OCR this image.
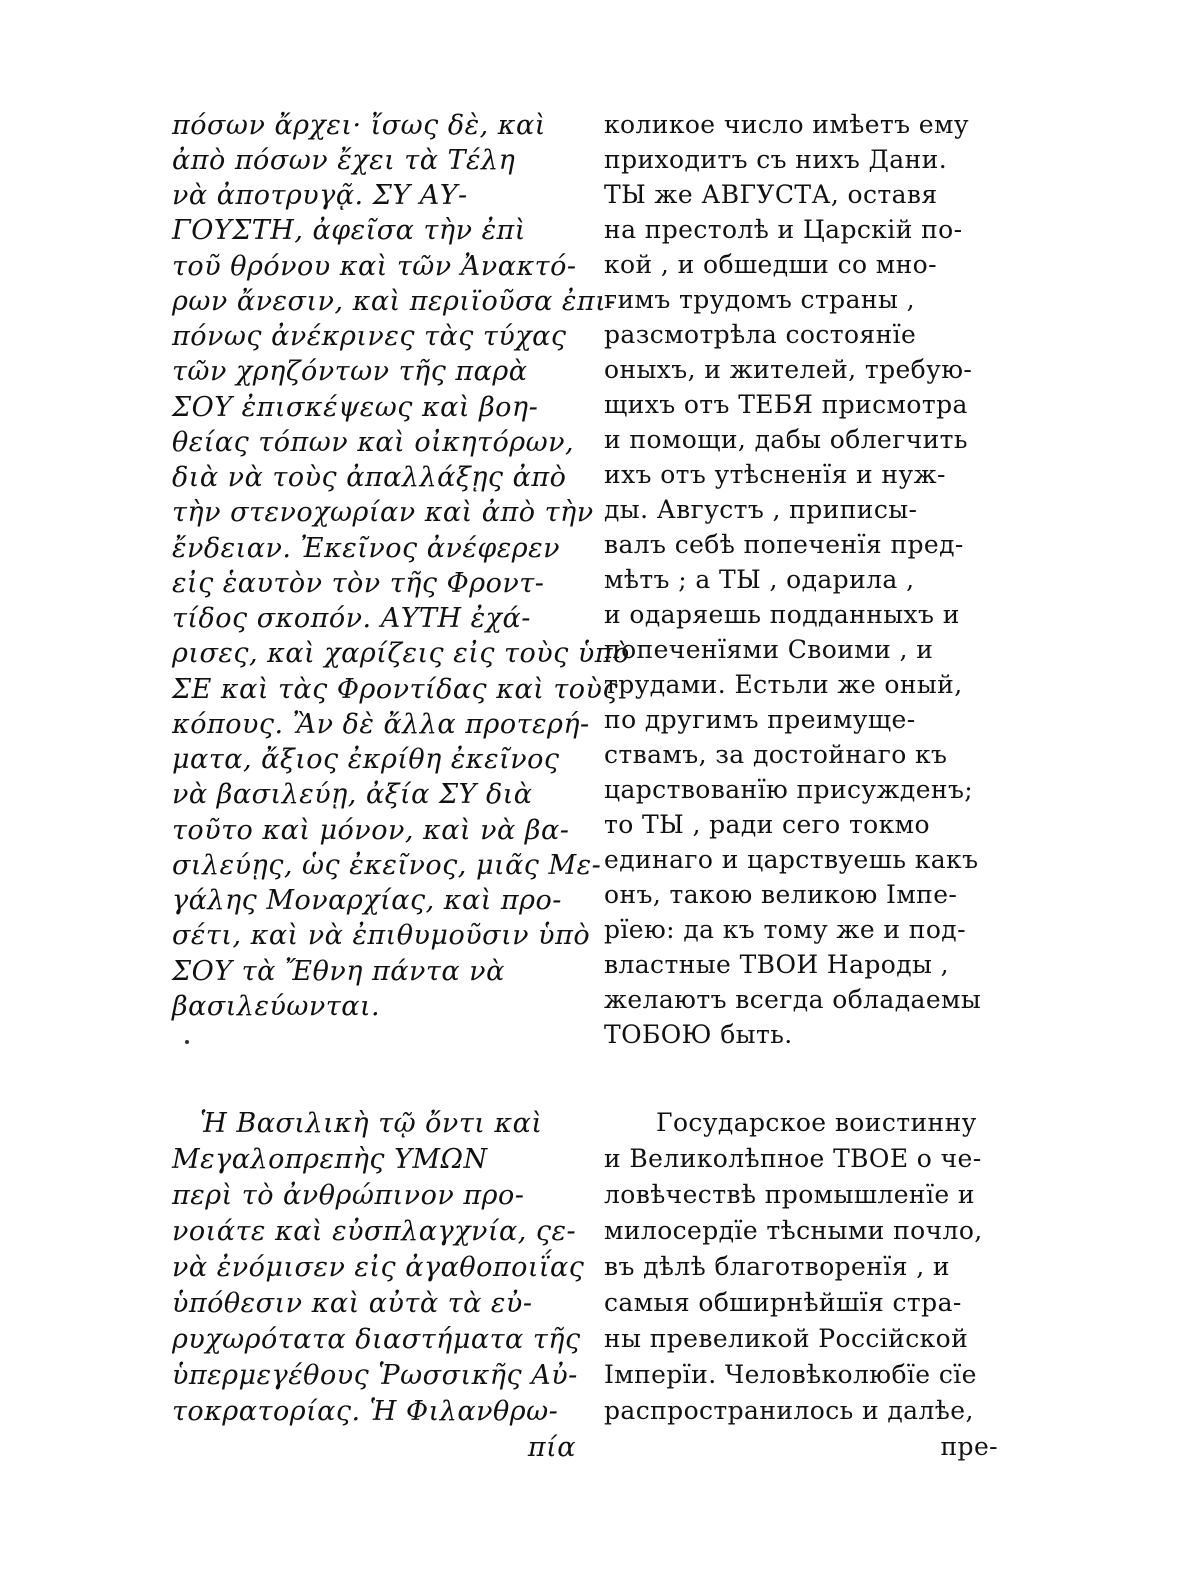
πόσων ἄρχει· ἴσως δὲ, καὶ
ἀπὸ πόσων ἔχει τὰ Τέλη
νὰ ἀποτρυγᾷ. ΣΥ ΑΥ-
ΓΟΥΣΤΗ, ἀφεῖσα τὴν ἐπὶ
τοῦ θρόνου καὶ τῶν Ἀνακτό-
ρων ἄνεσιν, καὶ περιϊοῦσα ἐπι-
πόνως ἀνέκρινες τὰς τύχας
τῶν χρηζόντων τῆς παρὰ
ΣΟΥ ἐπισκέψεως καὶ βοη-
θείας τόπων καὶ οἰκητόρων,
διὰ νὰ τοὺς ἀπαλλάξῃς ἀπὸ
τὴν στενοχωρίαν καὶ ἀπὸ τὴν
ἔνδειαν. Ἐκεῖνος ἀνέφερεν
εἰς ἑαυτὸν τὸν τῆς Φροντ-
τίδος σκοπόν. ΑΥΤΗ ἐχά-
ρισες, καὶ χαρίζεις εἰς τοὺς ὑπὸ
ΣΕ καὶ τὰς Φροντίδας καὶ τοὺς
κόπους. Ἂν δὲ ἄλλα προτερή-
ματα, ἄξιος ἐκρίθη ἐκεῖνος
νὰ βασιλεύῃ, ἀξία ΣΥ διὰ
τοῦτο καὶ μόνον, καὶ νὰ βα-
σιλεύῃς, ὡς ἐκεῖνος, μιᾶς Με-
γάλης Μοναρχίας, καὶ προ-
σέτι, καὶ νὰ ἐπιθυμοῦσιν ὑπὸ
ΣΟΥ τὰ Ἔθνη πάντα νὰ
βασιλεύωνται.
коликое число имѣетъ ему
приходитъ съ нихъ Дани.
ТЫ же АВГУСТА, оставя
на престолѣ и Царскій по-
кой , и обшедши со мно-
гимъ трудомъ страны ,
разсмотрѣла состоянїе
оныхъ, и жителей, требую-
щихъ отъ ТЕБЯ присмотра
и помощи, дабы облегчить
ихъ отъ утѣсненїя и нуж-
ды. Августъ , приписы-
валъ себѣ попеченїя пред-
мѣтъ ; а ТЫ , одарила ,
и одаряешь подданныхъ и
попеченїями Своими , и
трудами. Естьли же оный,
по другимъ преимуще-
ствамъ, за достойнаго къ
царствованїю присужденъ;
то ТЫ , ради сего токмо
единаго и царствуешь какъ
онъ, такою великою Імпе-
рїею: да къ тому же и под-
властные ТВОИ Народы ,
желаютъ всегда обладаемы
ТОБОЮ быть.
Ἡ Βασιλικὴ τῷ ὄντι καὶ
Μεγαλοπρεπὴς ΥΜΩΝ
περὶ τὸ ἀνθρώπινον προ-
νοιάτε καὶ εὐσπλαγχνία, ςε-
νὰ ἐνόμισεν εἰς ἀγαθοποιΐας
ὑπόθεσιν καὶ αὐτὰ τὰ εὐ-
ρυχωρότατα διαστήματα τῆς
ὑπερμεγέθους Ῥωσσικῆς Αὐ-
τοκρατορίας. Ἡ Φιλανθρω-
πία
Государское воистинну
и Великолѣпное ТВОЕ о че-
ловѣчествѣ промышленїе и
милосердїе тѣсными почло,
въ дѣлѣ благотворенїя , и
самыя обширнѣйшїя стра-
ны превеликой Россійской
Імперїи. Человѣколюбїе сїе
распространилось и далѣе,
пре-
